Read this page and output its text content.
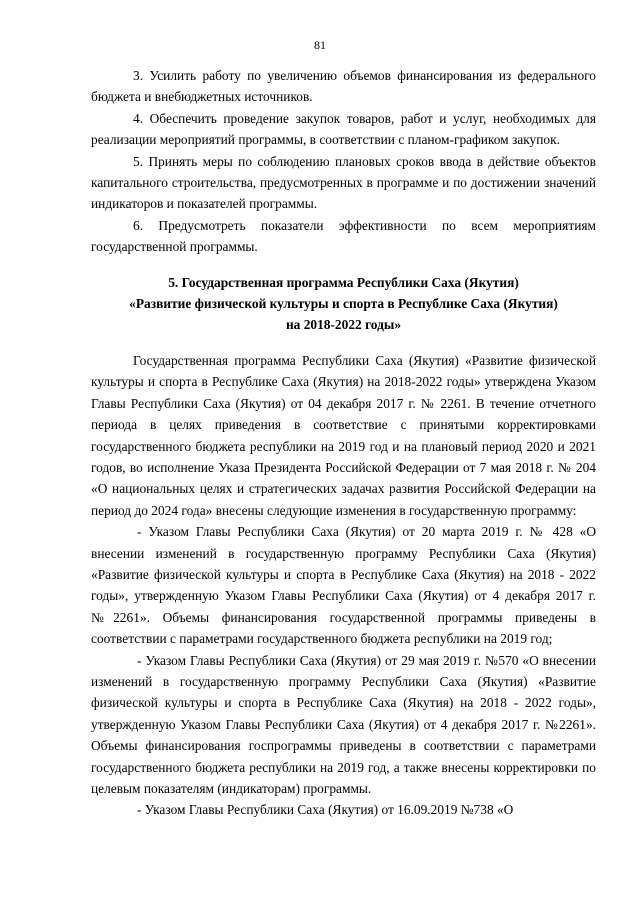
81

3. Усилить работу по увеличению объемов финансирования из федерального бюджета и внебюджетных источников.

4. Обеспечить проведение закупок товаров, работ и услуг, необходимых для реализации мероприятий программы, в соответствии с планом-графиком закупок.

5. Принять меры по соблюдению плановых сроков ввода в действие объектов капитального строительства, предусмотренных в программе и по достижении значений индикаторов и показателей программы.

6. Предусмотреть показатели эффективности по всем мероприятиям государственной программы.

5. Государственная программа Республики Саха (Якутия)
«Развитие физической культуры и спорта в Республике Саха (Якутия)
на 2018-2022 годы»

Государственная программа Республики Саха (Якутия) «Развитие физической культуры и спорта в Республике Саха (Якутия) на 2018-2022 годы» утверждена Указом Главы Республики Саха (Якутия) от 04 декабря 2017 г. № 2261. В течение отчетного периода в целях приведения в соответствие с принятыми корректировками государственного бюджета республики на 2019 год и на плановый период 2020 и 2021 годов, во исполнение Указа Президента Российской Федерации от 7 мая 2018 г. № 204 «О национальных целях и стратегических задачах развития Российской Федерации на период до 2024 года» внесены следующие изменения в государственную программу:

- Указом Главы Республики Саха (Якутия) от 20 марта 2019 г. № 428 «О внесении изменений в государственную программу Республики Саха (Якутия) «Развитие физической культуры и спорта в Республике Саха (Якутия) на 2018 - 2022 годы», утвержденную Указом Главы Республики Саха (Якутия) от 4 декабря 2017 г. №2261». Объемы финансирования государственной программы приведены в соответствии с параметрами государственного бюджета республики на 2019 год;

- Указом Главы Республики Саха (Якутия) от 29 мая 2019 г. №570 «О внесении изменений в государственную программу Республики Саха (Якутия) «Развитие физической культуры и спорта в Республике Саха (Якутия) на 2018 - 2022 годы», утвержденную Указом Главы Республики Саха (Якутия) от 4 декабря 2017 г. №2261». Объемы финансирования госпрограммы приведены в соответствии с параметрами государственного бюджета республики на 2019 год, а также внесены корректировки по целевым показателям (индикаторам) программы.

- Указом Главы Республики Саха (Якутия) от 16.09.2019 №738 «О
